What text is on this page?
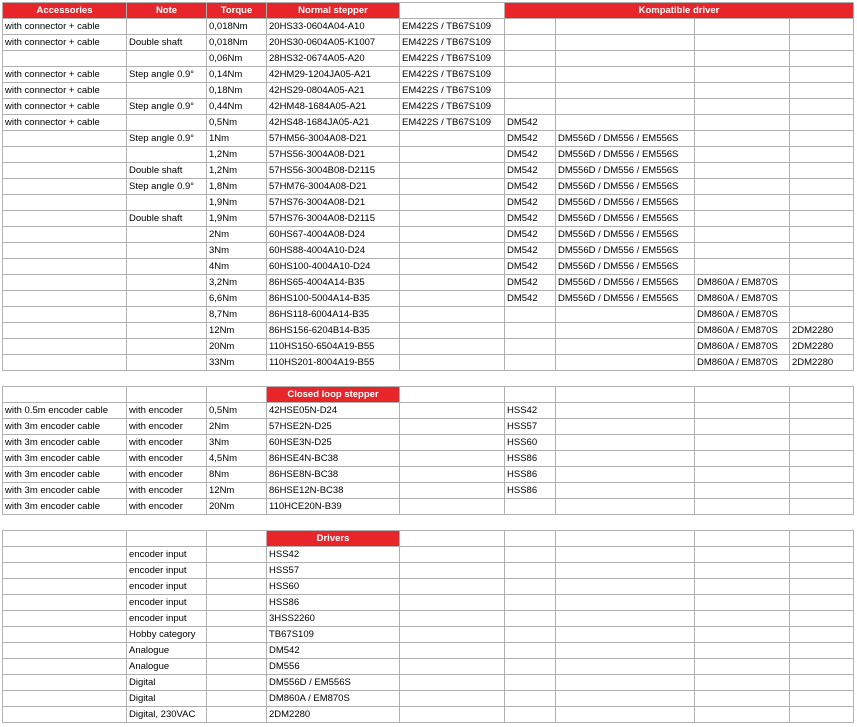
Accessories	Note	Torque	Normal stepper		Kompatible driver			
with connector + cable		0,018Nm	20HS33-0604A04-A10	EM422S / TB67S109				
with connector + cable	Double shaft	0,018Nm	20HS30-0604A05-K1007	EM422S / TB67S109				
		0,06Nm	28HS32-0674A05-A20	EM422S / TB67S109				
with connector + cable	Step angle 0.9°	0,14Nm	42HM29-1204JA05-A21	EM422S / TB67S109				
with connector + cable		0,18Nm	42HS29-0804A05-A21	EM422S / TB67S109				
with connector + cable	Step angle 0.9°	0,44Nm	42HM48-1684A05-A21	EM422S / TB67S109				
with connector + cable		0,5Nm	42HS48-1684JA05-A21	EM422S / TB67S109	DM542			
	Step angle 0.9°	1Nm	57HM56-3004A08-D21		DM542	DM556D / DM556 / EM556S		
		1,2Nm	57HS56-3004A08-D21		DM542	DM556D / DM556 / EM556S		
	Double shaft	1,2Nm	57HS56-3004B08-D2115		DM542	DM556D / DM556 / EM556S		
	Step angle 0.9°	1,8Nm	57HM76-3004A08-D21		DM542	DM556D / DM556 / EM556S		
		1,9Nm	57HS76-3004A08-D21		DM542	DM556D / DM556 / EM556S		
	Double shaft	1,9Nm	57HS76-3004A08-D2115		DM542	DM556D / DM556 / EM556S		
		2Nm	60HS67-4004A08-D24		DM542	DM556D / DM556 / EM556S		
		3Nm	60HS88-4004A10-D24		DM542	DM556D / DM556 / EM556S		
		4Nm	60HS100-4004A10-D24		DM542	DM556D / DM556 / EM556S		
		3,2Nm	86HS65-4004A14-B35		DM542	DM556D / DM556 / EM556S	DM860A / EM870S	
		6,6Nm	86HS100-5004A14-B35		DM542	DM556D / DM556 / EM556S	DM860A / EM870S	
		8,7Nm	86HS118-6004A14-B35				DM860A / EM870S	
		12Nm	86HS156-6204B14-B35				DM860A / EM870S	2DM2280
		20Nm	110HS150-6504A19-B55				DM860A / EM870S	2DM2280
		33Nm	110HS201-8004A19-B55				DM860A / EM870S	2DM2280

			Closed loop stepper					
with 0.5m encoder cable	with encoder	0,5Nm	42HSE05N-D24		HSS42			
with 3m encoder cable	with encoder	2Nm	57HSE2N-D25		HSS57			
with 3m encoder cable	with encoder	3Nm	60HSE3N-D25		HSS60			
with 3m encoder cable	with encoder	4,5Nm	86HSE4N-BC38		HSS86			
with 3m encoder cable	with encoder	8Nm	86HSE8N-BC38		HSS86			
with 3m encoder cable	with encoder	12Nm	86HSE12N-BC38		HSS86			
with 3m encoder cable	with encoder	20Nm	110HCE20N-B39					

			Drivers					
	encoder input		HSS42					
	encoder input		HSS57					
	encoder input		HSS60					
	encoder input		HSS86					
	encoder input		3HSS2260					
	Hobby category		TB67S109					
	Analogue		DM542					
	Analogue		DM556					
	Digital		DM556D / EM556S					
	Digital		DM860A / EM870S					
	Digital, 230VAC		2DM2280					
